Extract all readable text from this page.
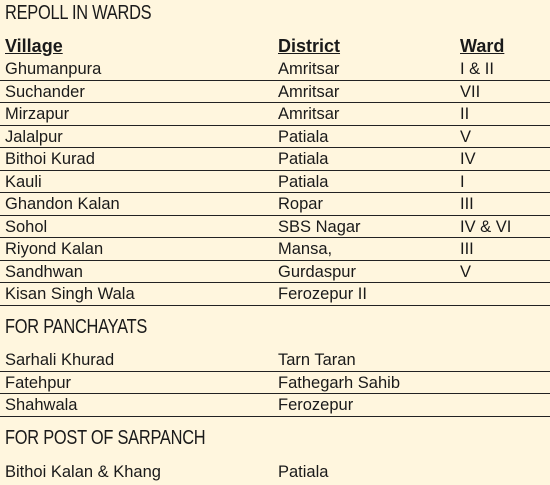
REPOLL IN WARDS
Village	District	Ward
Ghumanpura	Amritsar	I & II
Suchander	Amritsar	VII
Mirzapur	Amritsar	II
Jalalpur	Patiala	V
Bithoi Kurad	Patiala	IV
Kauli	Patiala	I
Ghandon Kalan	Ropar	III
Sohol	SBS Nagar	IV & VI
Riyond Kalan	Mansa,	III
Sandhwan	Gurdaspur	V
Kisan Singh Wala	Ferozepur II
FOR PANCHAYATS
Sarhali Khurad	Tarn Taran
Fatehpur	Fathegarh Sahib
Shahwala	Ferozepur
FOR POST OF SARPANCH
Bithoi Kalan & Khang	Patiala
